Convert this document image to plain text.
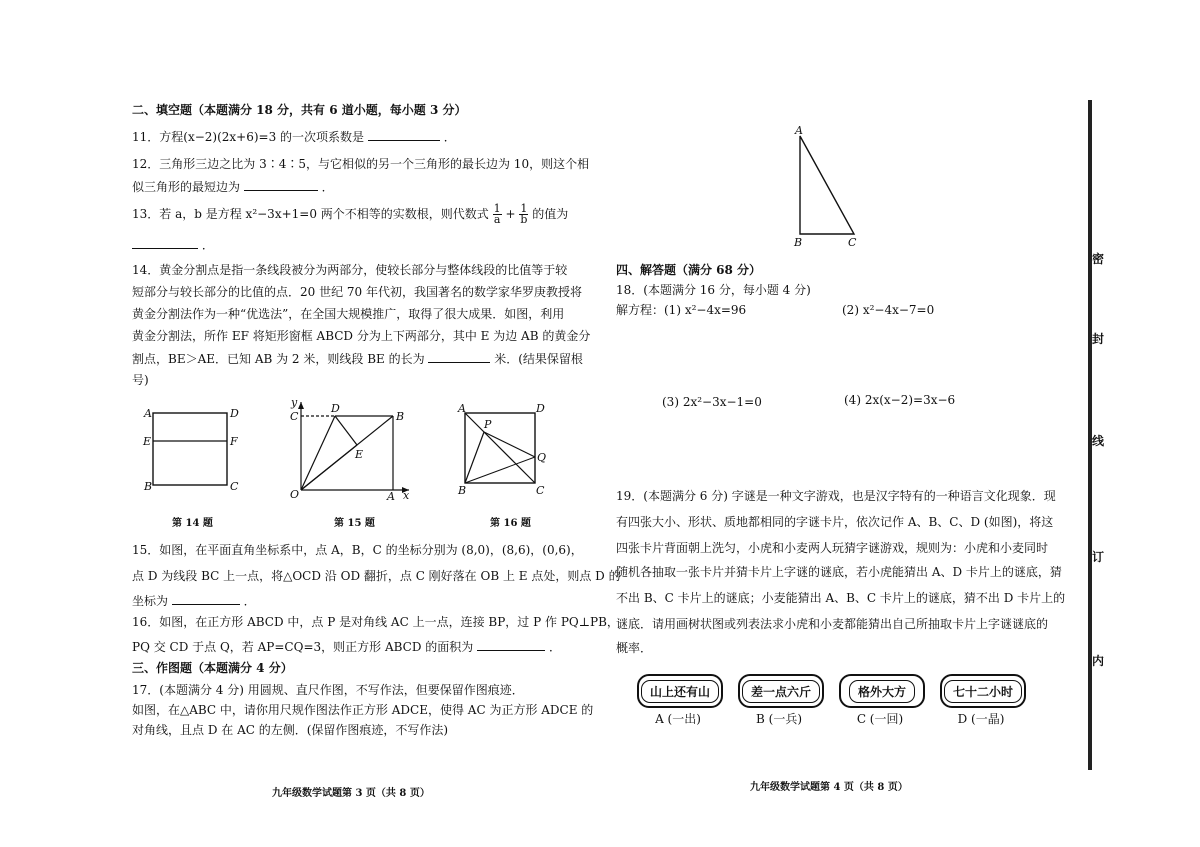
二、填空题（本题满分 18 分，共有 6 道小题，每小题 3 分）
11．方程(x−2)(2x+6)=3 的一次项系数是	．
12．三角形三边之比为 3∶4∶5，与它相似的另一个三角形的最长边为 10，则这个相
似三角形的最短边为	．
13．若 a，b 是方程 x²−3x+1=0 两个不相等的实数根，则代数式 $\frac{1}{a} + \frac{1}{b}$ 的值为
．
14．黄金分割点是指一条线段被分为两部分，使较长部分与整体线段的比值等于较
短部分与较长部分的比值的点．20 世纪 70 年代初，我国著名的数学家华罗庚教授将
黄金分割法作为一种“优选法”，在全国大规模推广，取得了很大成果．如图，利用
黄金分割法，所作 EF 将矩形窗框 ABCD 分为上下两部分，其中 E 为边 AB 的黄金分
割点，BE＞AE．已知 AB 为 2 米，则线段 BE 的长为	米．(结果保留根
号)
A	D
E	F
B	C
第 14 题
y
x
C
D
B
E
O	A
第 15 题
A	D
P
Q
B	C
第 16 题
15．如图，在平面直角坐标系中，点 A，B，C 的坐标分别为 (8,0)，(8,6)，(0,6)，
点 D 为线段 BC 上一点，将△OCD 沿 OD 翻折，点 C 刚好落在 OB 上 E 点处，则点 D 的
坐标为	．
16．如图，在正方形 ABCD 中，点 P 是对角线 AC 上一点，连接 BP，过 P 作 PQ⊥PB，
PQ 交 CD 于点 Q，若 AP=CQ=3，则正方形 ABCD 的面积为	．
三、作图题（本题满分 4 分）
17．(本题满分 4 分) 用圆规、直尺作图，不写作法，但要保留作图痕迹．
如图，在△ABC 中，请你用尺规作图法作正方形 ADCE，使得 AC 为正方形 ADCE 的
对角线，且点 D 在 AC 的左侧．(保留作图痕迹，不写作法)
九年级数学试题第 3 页（共 8 页）
A
B	C
四、解答题（满分 68 分）
18．(本题满分 16 分，每小题 4 分)
解方程：(1) x²−4x=96	(2) x²−4x−7=0
(3) 2x²−3x−1=0	(4) 2x(x−2)=3x−6
19．(本题满分 6 分) 字谜是一种文字游戏，也是汉字特有的一种语言文化现象．现
有四张大小、形状、质地都相同的字谜卡片，依次记作 A、B、C、D (如图)，将这
四张卡片背面朝上洗匀，小虎和小麦两人玩猜字谜游戏，规则为：小虎和小麦同时
随机各抽取一张卡片并猜卡片上字谜的谜底，若小虎能猜出 A、D 卡片上的谜底，猜
不出 B、C 卡片上的谜底；小麦能猜出 A、B、C 卡片上的谜底，猜不出 D 卡片上的
谜底．请用画树状图或列表法求小虎和小麦都能猜出自己所抽取卡片上字谜谜底的
概率．
山上还有山
A (一出)
差一点六斤
B (一兵)
格外大方
C (一回)
七十二小时
D (一晶)
九年级数学试题第 4 页（共 8 页）
密
封
线
订
内
